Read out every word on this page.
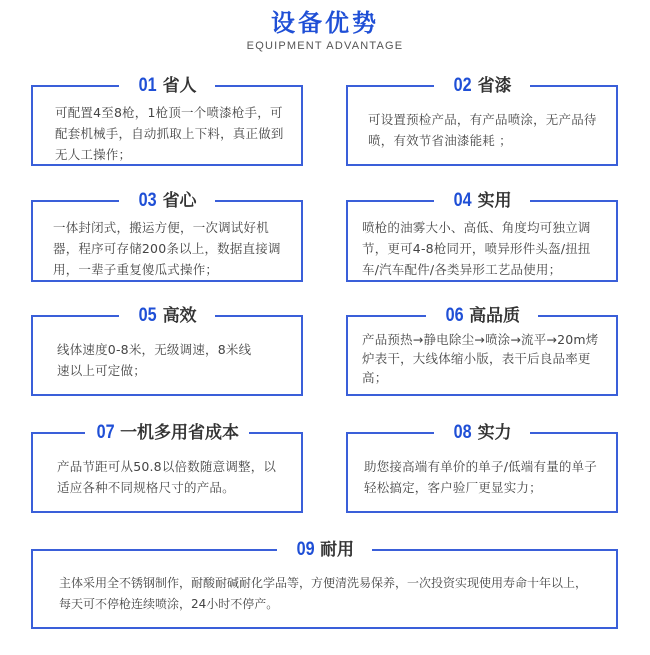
设备优势
EQUIPMENT ADVANTAGE
01 省人
可配置4至8枪，1枪顶一个喷漆枪手，可配套机械手，自动抓取上下料，真正做到无人工操作；
02 省漆
可设置预检产品，有产品喷涂，无产品待喷，有效节省油漆能耗 ；
03 省心
一体封闭式，搬运方便，一次调试好机器，程序可存储200条以上，数据直接调用，一辈子重复傻瓜式操作；
04 实用
喷枪的油雾大小、高低、角度均可独立调节，更可4-8枪同开，喷异形件头盔/扭扭车/汽车配件/各类异形工艺品使用；
05 高效
线体速度0-8米，无级调速，8米线速以上可定做；
06 高品质
产品预热→静电除尘→喷涂→流平→20m烤炉表干，大线体缩小版，表干后良品率更高；
07 一机多用省成本
产品节距可从50.8以倍数随意调整，以适应各种不同规格尺寸的产品。
08 实力
助您接高端有单价的单子/低端有量的单子轻松搞定，客户验厂更显实力；
09 耐用
主体采用全不锈钢制作，耐酸耐碱耐化学品等，方便清洗易保养，一次投资实现使用寿命十年以上，每天可不停枪连续喷涂，24小时不停产。
